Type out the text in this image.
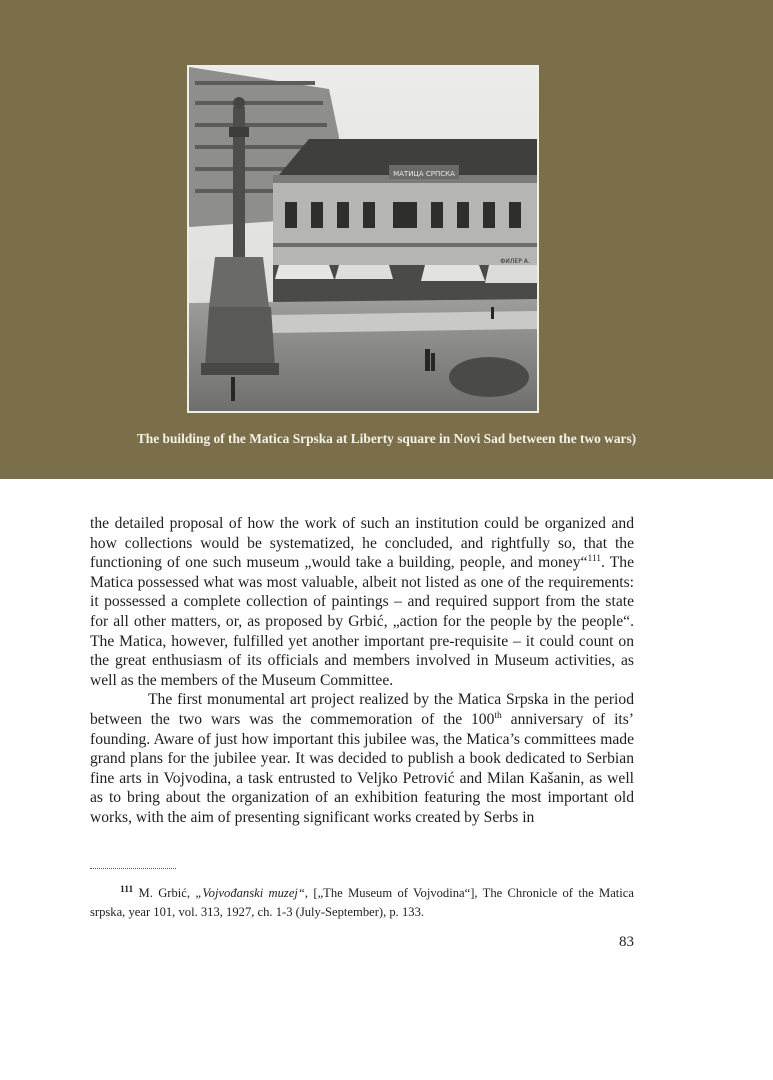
МАТИЦА СРПСКА
ФИЛЕР А.
The building of the Matica Srpska at Liberty square in Novi Sad between the two wars)

the detailed proposal of how the work of such an institution could be organized and how collections would be systematized, he concluded, and rightfully so, that the functioning of one such museum „would take a building, people, and money“$^{111}$. The Matica possessed what was most valuable, albeit not listed as one of the requirements: it possessed a complete collection of paintings – and required support from the state for all other matters, or, as proposed by Grbić, „action for the people by the people“. The Matica, however, fulfilled yet another important pre-requisite – it could count on the great enthusiasm of its officials and members involved in Museum activities, as well as the members of the Museum Committee.

The first monumental art project realized by the Matica Srpska in the period between the two wars was the commemoration of the 100th anniversary of its’ founding. Aware of just how important this jubilee was, the Matica’s committees made grand plans for the jubilee year. It was decided to publish a book dedicated to Serbian fine arts in Vojvodina, a task entrusted to Veljko Petrović and Milan Kašanin, as well as to bring about the organization of an exhibition featuring the most important old works, with the aim of presenting significant works created by Serbs in

$^{111}$ M. Grbić, „Vojvođanski muzej“, [„The Museum of Vojvodina“], The Chronicle of the Matica srpska, year 101, vol. 313, 1927, ch. 1-3 (July-September), p. 133.

83
